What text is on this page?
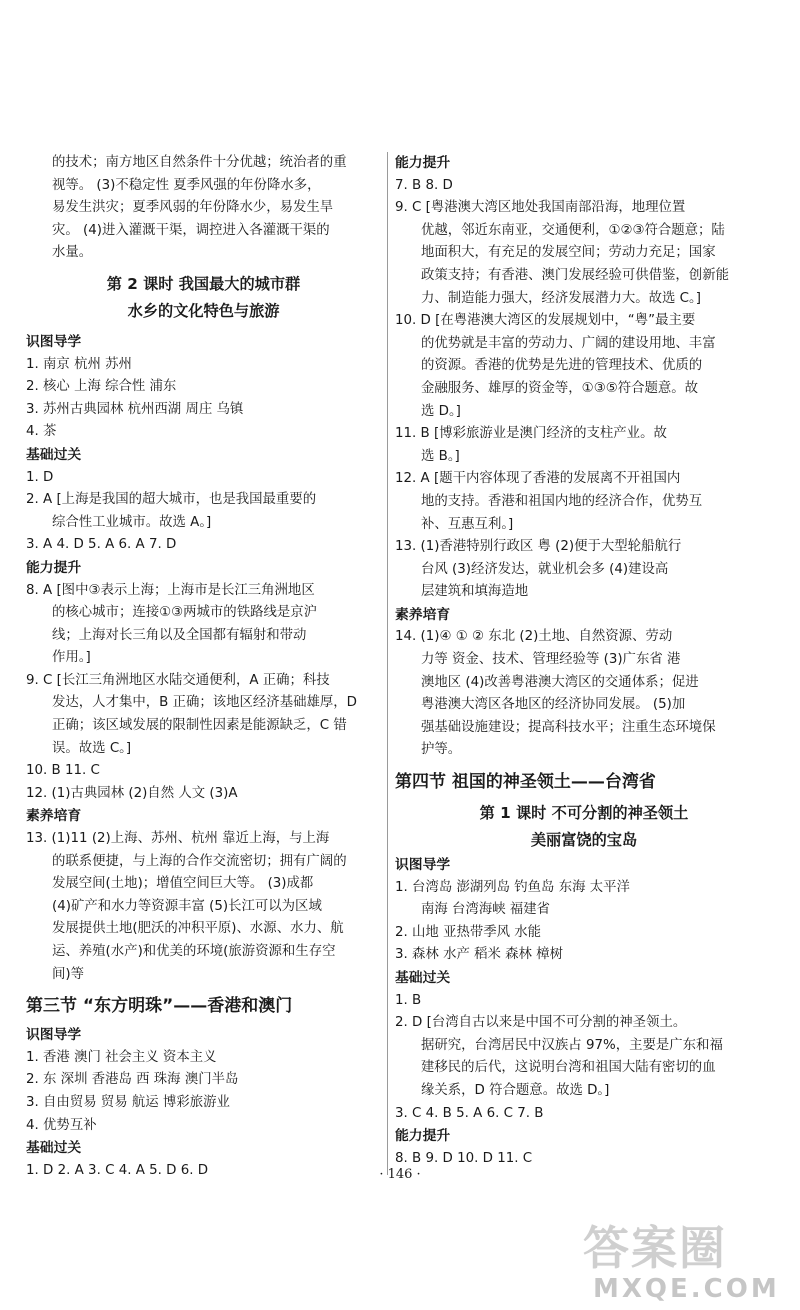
的技术；南方地区自然条件十分优越；统治者的重
视等。 (3)不稳定性 夏季风强的年份降水多，
易发生洪灾；夏季风弱的年份降水少，易发生旱
灾。 (4)进入灌溉干渠，调控进入各灌溉干渠的
水量。
第 2 课时 我国最大的城市群
水乡的文化特色与旅游
识图导学
1. 南京 杭州 苏州
2. 核心 上海 综合性 浦东
3. 苏州古典园林 杭州西湖 周庄 乌镇
4. 茶
基础过关
1. D
2. A [上海是我国的超大城市，也是我国最重要的
综合性工业城市。故选 A。]
3. A 4. D 5. A 6. A 7. D
能力提升
8. A [图中③表示上海；上海市是长江三角洲地区
的核心城市；连接①③两城市的铁路线是京沪
线；上海对长三角以及全国都有辐射和带动
作用。]
9. C [长江三角洲地区水陆交通便利，A 正确；科技
发达，人才集中，B 正确；该地区经济基础雄厚，D
正确；该区域发展的限制性因素是能源缺乏，C 错
误。故选 C。]
10. B 11. C
12. (1)古典园林 (2)自然 人文 (3)A
素养培育
13. (1)11 (2)上海、苏州、杭州 靠近上海，与上海
的联系便捷，与上海的合作交流密切；拥有广阔的
发展空间(土地)；增值空间巨大等。 (3)成都
(4)矿产和水力等资源丰富 (5)长江可以为区域
发展提供土地(肥沃的冲积平原)、水源、水力、航
运、养殖(水产)和优美的环境(旅游资源和生存空
间)等
第三节 “东方明珠”——香港和澳门
识图导学
1. 香港 澳门 社会主义 资本主义
2. 东 深圳 香港岛 西 珠海 澳门半岛
3. 自由贸易 贸易 航运 博彩旅游业
4. 优势互补
基础过关
1. D 2. A 3. C 4. A 5. D 6. D
能力提升
7. B 8. D
9. C [粤港澳大湾区地处我国南部沿海，地理位置
优越，邻近东南亚，交通便利，①②③符合题意；陆
地面积大，有充足的发展空间；劳动力充足；国家
政策支持；有香港、澳门发展经验可供借鉴，创新能
力、制造能力强大，经济发展潜力大。故选 C。]
10. D [在粤港澳大湾区的发展规划中，“粤”最主要
的优势就是丰富的劳动力、广阔的建设用地、丰富
的资源。香港的优势是先进的管理技术、优质的
金融服务、雄厚的资金等，①③⑤符合题意。故
选 D。]
11. B [博彩旅游业是澳门经济的支柱产业。故
选 B。]
12. A [题干内容体现了香港的发展离不开祖国内
地的支持。香港和祖国内地的经济合作，优势互
补、互惠互利。]
13. (1)香港特别行政区 粤 (2)便于大型轮船航行
台风 (3)经济发达，就业机会多 (4)建设高
层建筑和填海造地
素养培育
14. (1)④ ① ② 东北 (2)土地、自然资源、劳动
力等 资金、技术、管理经验等 (3)广东省 港
澳地区 (4)改善粤港澳大湾区的交通体系；促进
粤港澳大湾区各地区的经济协同发展。 (5)加
强基础设施建设；提高科技水平；注重生态环境保
护等。
第四节 祖国的神圣领土——台湾省
第 1 课时 不可分割的神圣领土
美丽富饶的宝岛
识图导学
1. 台湾岛 澎湖列岛 钓鱼岛 东海 太平洋
南海 台湾海峡 福建省
2. 山地 亚热带季风 水能
3. 森林 水产 稻米 森林 樟树
基础过关
1. B
2. D [台湾自古以来是中国不可分割的神圣领土。
据研究，台湾居民中汉族占 97%，主要是广东和福
建移民的后代，这说明台湾和祖国大陆有密切的血
缘关系，D 符合题意。故选 D。]
3. C 4. B 5. A 6. C 7. B
能力提升
8. B 9. D 10. D 11. C
· 146 ·
答案圈
MXQE.COM
